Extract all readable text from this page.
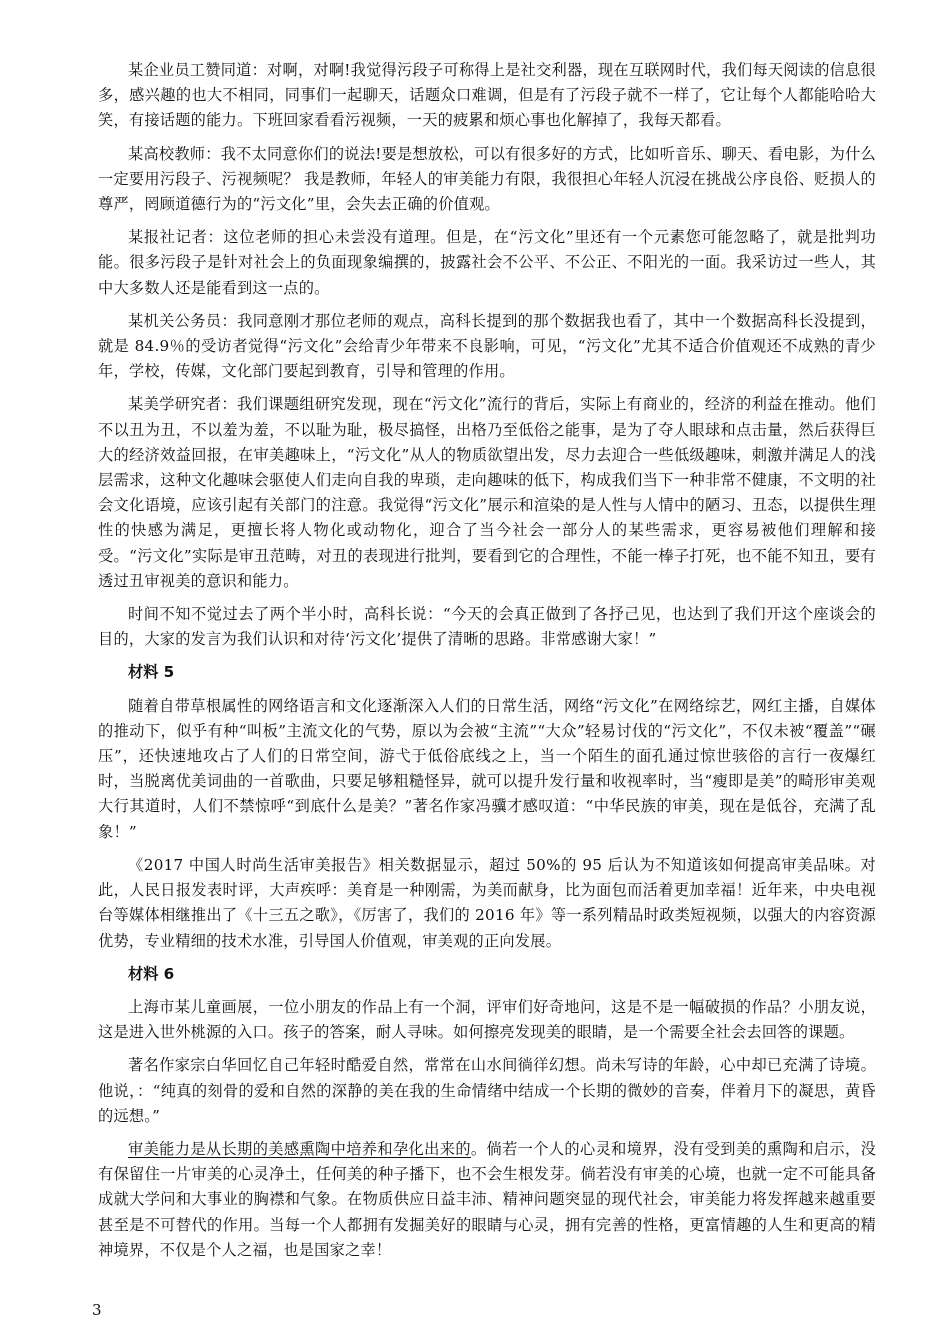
某企业员工赞同道：对啊，对啊!我觉得污段子可称得上是社交利器，现在互联网时代，我们每天阅读的信息很多，感兴趣的也大不相同，同事们一起聊天，话题众口难调，但是有了污段子就不一样了，它让每个人都能哈哈大笑，有接话题的能力。下班回家看看污视频，一天的疲累和烦心事也化解掉了，我每天都看。

某高校教师：我不太同意你们的说法!要是想放松，可以有很多好的方式，比如听音乐、聊天、看电影，为什么一定要用污段子、污视频呢？ 我是教师，年轻人的审美能力有限，我很担心年轻人沉浸在挑战公序良俗、贬损人的尊严，罔顾道德行为的“污文化”里，会失去正确的价值观。

某报社记者：这位老师的担心未尝没有道理。但是，在“污文化”里还有一个元素您可能忽略了，就是批判功能。很多污段子是针对社会上的负面现象编撰的，披露社会不公平、不公正、不阳光的一面。我采访过一些人，其中大多数人还是能看到这一点的。

某机关公务员：我同意刚才那位老师的观点，高科长提到的那个数据我也看了，其中一个数据高科长没提到，就是 84.9％的受访者觉得“污文化”会给青少年带来不良影响，可见，“污文化”尤其不适合价值观还不成熟的青少年，学校，传媒，文化部门要起到教育，引导和管理的作用。

某美学研究者：我们课题组研究发现，现在“污文化”流行的背后，实际上有商业的，经济的利益在推动。他们不以丑为丑，不以羞为羞，不以耻为耻，极尽搞怪，出格乃至低俗之能事，是为了夺人眼球和点击量，然后获得巨大的经济效益回报，在审美趣味上，“污文化”从人的物质欲望出发，尽力去迎合一些低级趣味，刺激并满足人的浅层需求，这种文化趣味会驱使人们走向自我的卑琐，走向趣味的低下，构成我们当下一种非常不健康，不文明的社会文化语境，应该引起有关部门的注意。我觉得“污文化”展示和渲染的是人性与人情中的陋习、丑态，以提供生理性的快感为满足，更擅长将人物化或动物化，迎合了当今社会一部分人的某些需求，更容易被他们理解和接受。“污文化”实际是审丑范畴，对丑的表现进行批判，要看到它的合理性，不能一棒子打死，也不能不知丑，要有透过丑审视美的意识和能力。

时间不知不觉过去了两个半小时，高科长说：“今天的会真正做到了各抒己见，也达到了我们开这个座谈会的目的，大家的发言为我们认识和对待‘污文化’提供了清晰的思路。非常感谢大家！”

材料 5

随着自带草根属性的网络语言和文化逐渐深入人们的日常生活，网络“污文化”在网络综艺，网红主播，自媒体的推动下，似乎有种“叫板”主流文化的气势，原以为会被“主流”“大众”轻易讨伐的“污文化”，不仅未被“覆盖”“碾压”，还快速地攻占了人们的日常空间，游弋于低俗底线之上，当一个陌生的面孔通过惊世骇俗的言行一夜爆红时，当脱离优美词曲的一首歌曲，只要足够粗糙怪异，就可以提升发行量和收视率时，当“瘦即是美”的畸形审美观大行其道时，人们不禁惊呼“到底什么是美？”著名作家冯骥才感叹道：“中华民族的审美，现在是低谷，充满了乱象！”

《2017 中国人时尚生活审美报告》相关数据显示，超过 50%的 95 后认为不知道该如何提高审美品味。对此，人民日报发表时评，大声疾呼：美育是一种刚需，为美而献身，比为面包而活着更加幸福！近年来，中央电视台等媒体相继推出了《十三五之歌》，《厉害了，我们的 2016 年》等一系列精品时政类短视频，以强大的内容资源优势，专业精细的技术水准，引导国人价值观，审美观的正向发展。

材料 6

上海市某儿童画展，一位小朋友的作品上有一个洞，评审们好奇地问，这是不是一幅破损的作品？小朋友说，这是进入世外桃源的入口。孩子的答案，耐人寻味。如何擦亮发现美的眼睛，是一个需要全社会去回答的课题。

著名作家宗白华回忆自己年轻时酷爱自然，常常在山水间徜徉幻想。尚未写诗的年龄，心中却已充满了诗境。他说，：“纯真的刻骨的爱和自然的深静的美在我的生命情绪中结成一个长期的微妙的音奏，伴着月下的凝思，黄昏的远想。”

审美能力是从长期的美感熏陶中培养和孕化出来的。倘若一个人的心灵和境界，没有受到美的熏陶和启示，没有保留住一片审美的心灵净土，任何美的种子播下，也不会生根发芽。倘若没有审美的心境，也就一定不可能具备成就大学问和大事业的胸襟和气象。在物质供应日益丰沛、精神问题突显的现代社会，审美能力将发挥越来越重要甚至是不可替代的作用。当每一个人都拥有发掘美好的眼睛与心灵，拥有完善的性格，更富情趣的人生和更高的精神境界，不仅是个人之福，也是国家之幸！

3
